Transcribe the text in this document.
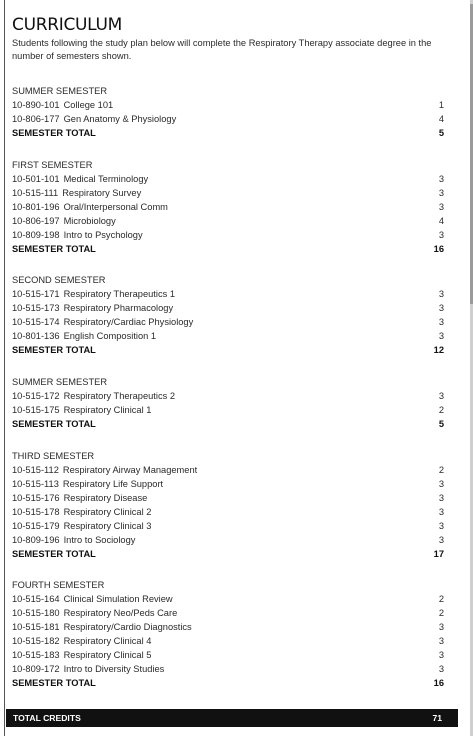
CURRICULUM

Students following the study plan below will complete the Respiratory Therapy associate degree in the number of semesters shown.

SUMMER SEMESTER
10-890-101 College 101	1
10-806-177 Gen Anatomy & Physiology	4
SEMESTER TOTAL	5
FIRST SEMESTER
10-501-101 Medical Terminology	3
10-515-111 Respiratory Survey	3
10-801-196 Oral/Interpersonal Comm	3
10-806-197 Microbiology	4
10-809-198 Intro to Psychology	3
SEMESTER TOTAL	16
SECOND SEMESTER
10-515-171 Respiratory Therapeutics 1	3
10-515-173 Respiratory Pharmacology	3
10-515-174 Respiratory/Cardiac Physiology	3
10-801-136 English Composition 1	3
SEMESTER TOTAL	12
SUMMER SEMESTER
10-515-172 Respiratory Therapeutics 2	3
10-515-175 Respiratory Clinical 1	2
SEMESTER TOTAL	5
THIRD SEMESTER
10-515-112 Respiratory Airway Management	2
10-515-113 Respiratory Life Support	3
10-515-176 Respiratory Disease	3
10-515-178 Respiratory Clinical 2	3
10-515-179 Respiratory Clinical 3	3
10-809-196 Intro to Sociology	3
SEMESTER TOTAL	17
FOURTH SEMESTER
10-515-164 Clinical Simulation Review	2
10-515-180 Respiratory Neo/Peds Care	2
10-515-181 Respiratory/Cardio Diagnostics	3
10-515-182 Respiratory Clinical 4	3
10-515-183 Respiratory Clinical 5	3
10-809-172 Intro to Diversity Studies	3
SEMESTER TOTAL	16
TOTAL CREDITS	71
